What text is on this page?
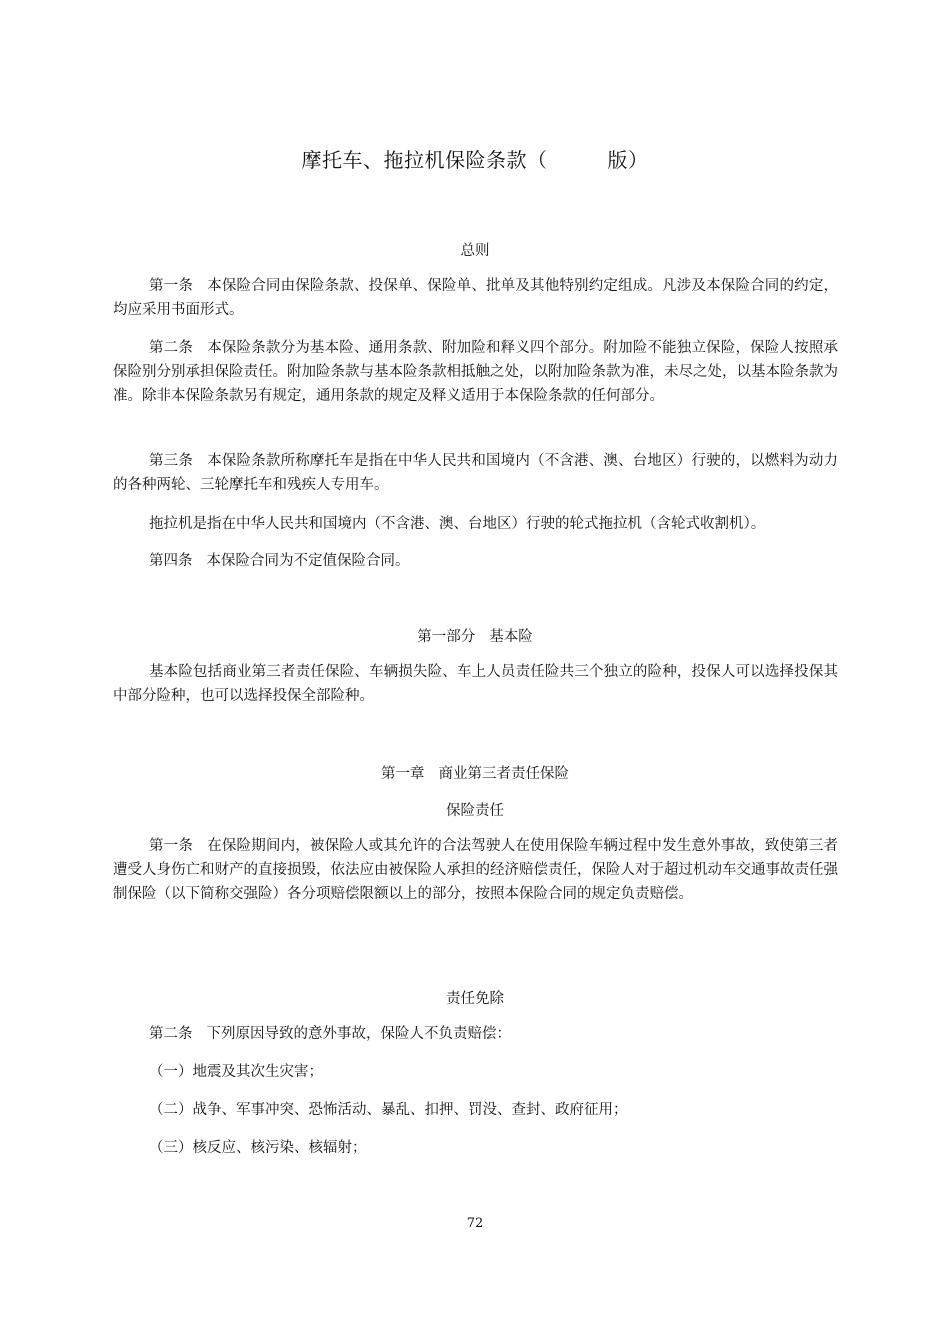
摩托车、拖拉机保险条款（	版）
总则
第一条 本保险合同由保险条款、投保单、保险单、批单及其他特别约定组成。凡涉及本保险合同的约定，均应采用书面形式。
第二条 本保险条款分为基本险、通用条款、附加险和释义四个部分。附加险不能独立保险，保险人按照承保险别分别承担保险责任。附加险条款与基本险条款相抵触之处，以附加险条款为准，未尽之处，以基本险条款为准。除非本保险条款另有规定，通用条款的规定及释义适用于本保险条款的任何部分。
第三条 本保险条款所称摩托车是指在中华人民共和国境内（不含港、澳、台地区）行驶的，以燃料为动力的各种两轮、三轮摩托车和残疾人专用车。
拖拉机是指在中华人民共和国境内（不含港、澳、台地区）行驶的轮式拖拉机（含轮式收割机）。
第四条 本保险合同为不定值保险合同。
第一部分 基本险
基本险包括商业第三者责任保险、车辆损失险、车上人员责任险共三个独立的险种，投保人可以选择投保其中部分险种，也可以选择投保全部险种。
第一章 商业第三者责任保险
保险责任
第一条 在保险期间内，被保险人或其允许的合法驾驶人在使用保险车辆过程中发生意外事故，致使第三者遭受人身伤亡和财产的直接损毁，依法应由被保险人承担的经济赔偿责任，保险人对于超过机动车交通事故责任强制保险（以下简称交强险）各分项赔偿限额以上的部分，按照本保险合同的规定负责赔偿。
责任免除
第二条 下列原因导致的意外事故，保险人不负责赔偿：
（一）地震及其次生灾害；
（二）战争、军事冲突、恐怖活动、暴乱、扣押、罚没、查封、政府征用；
（三）核反应、核污染、核辐射；
72
